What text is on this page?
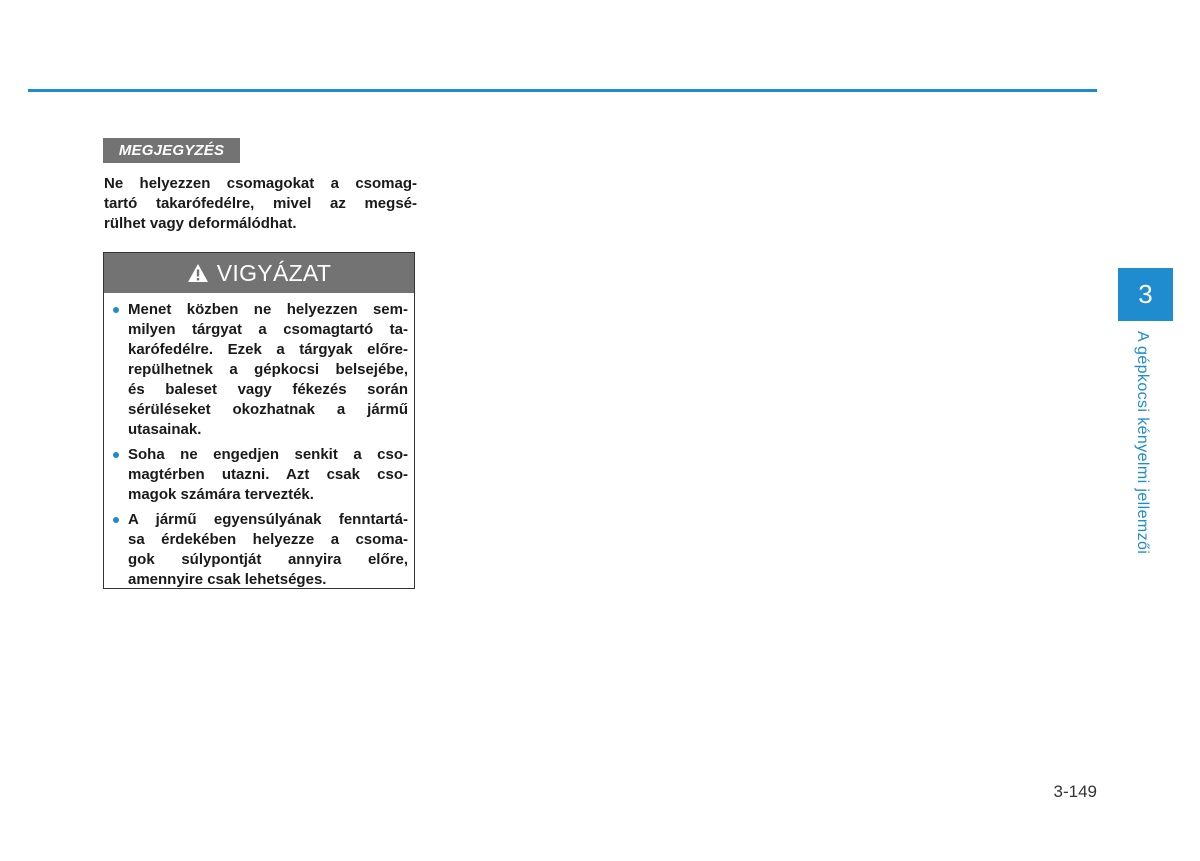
MEGJEGYZÉS

Ne helyezzen csomagokat a csomag-
tartó takarófedélre, mivel az megsé-
rülhet vagy deformálódhat.

VIGYÁZAT
Menet közben ne helyezzen sem-
milyen tárgyat a csomagtartó ta-
karófedélre. Ezek a tárgyak előre-
repülhetnek a gépkocsi belsejébe,
és baleset vagy fékezés során
sérüléseket okozhatnak a jármű
utasainak.
Soha ne engedjen senkit a cso-
magtérben utazni. Azt csak cso-
magok számára tervezték.
A jármű egyensúlyának fenntartá-
sa érdekében helyezze a csoma-
gok súlypontját annyira előre,
amennyire csak lehetséges.
3
A gépkocsi kényelmi jellemzői
3-149
